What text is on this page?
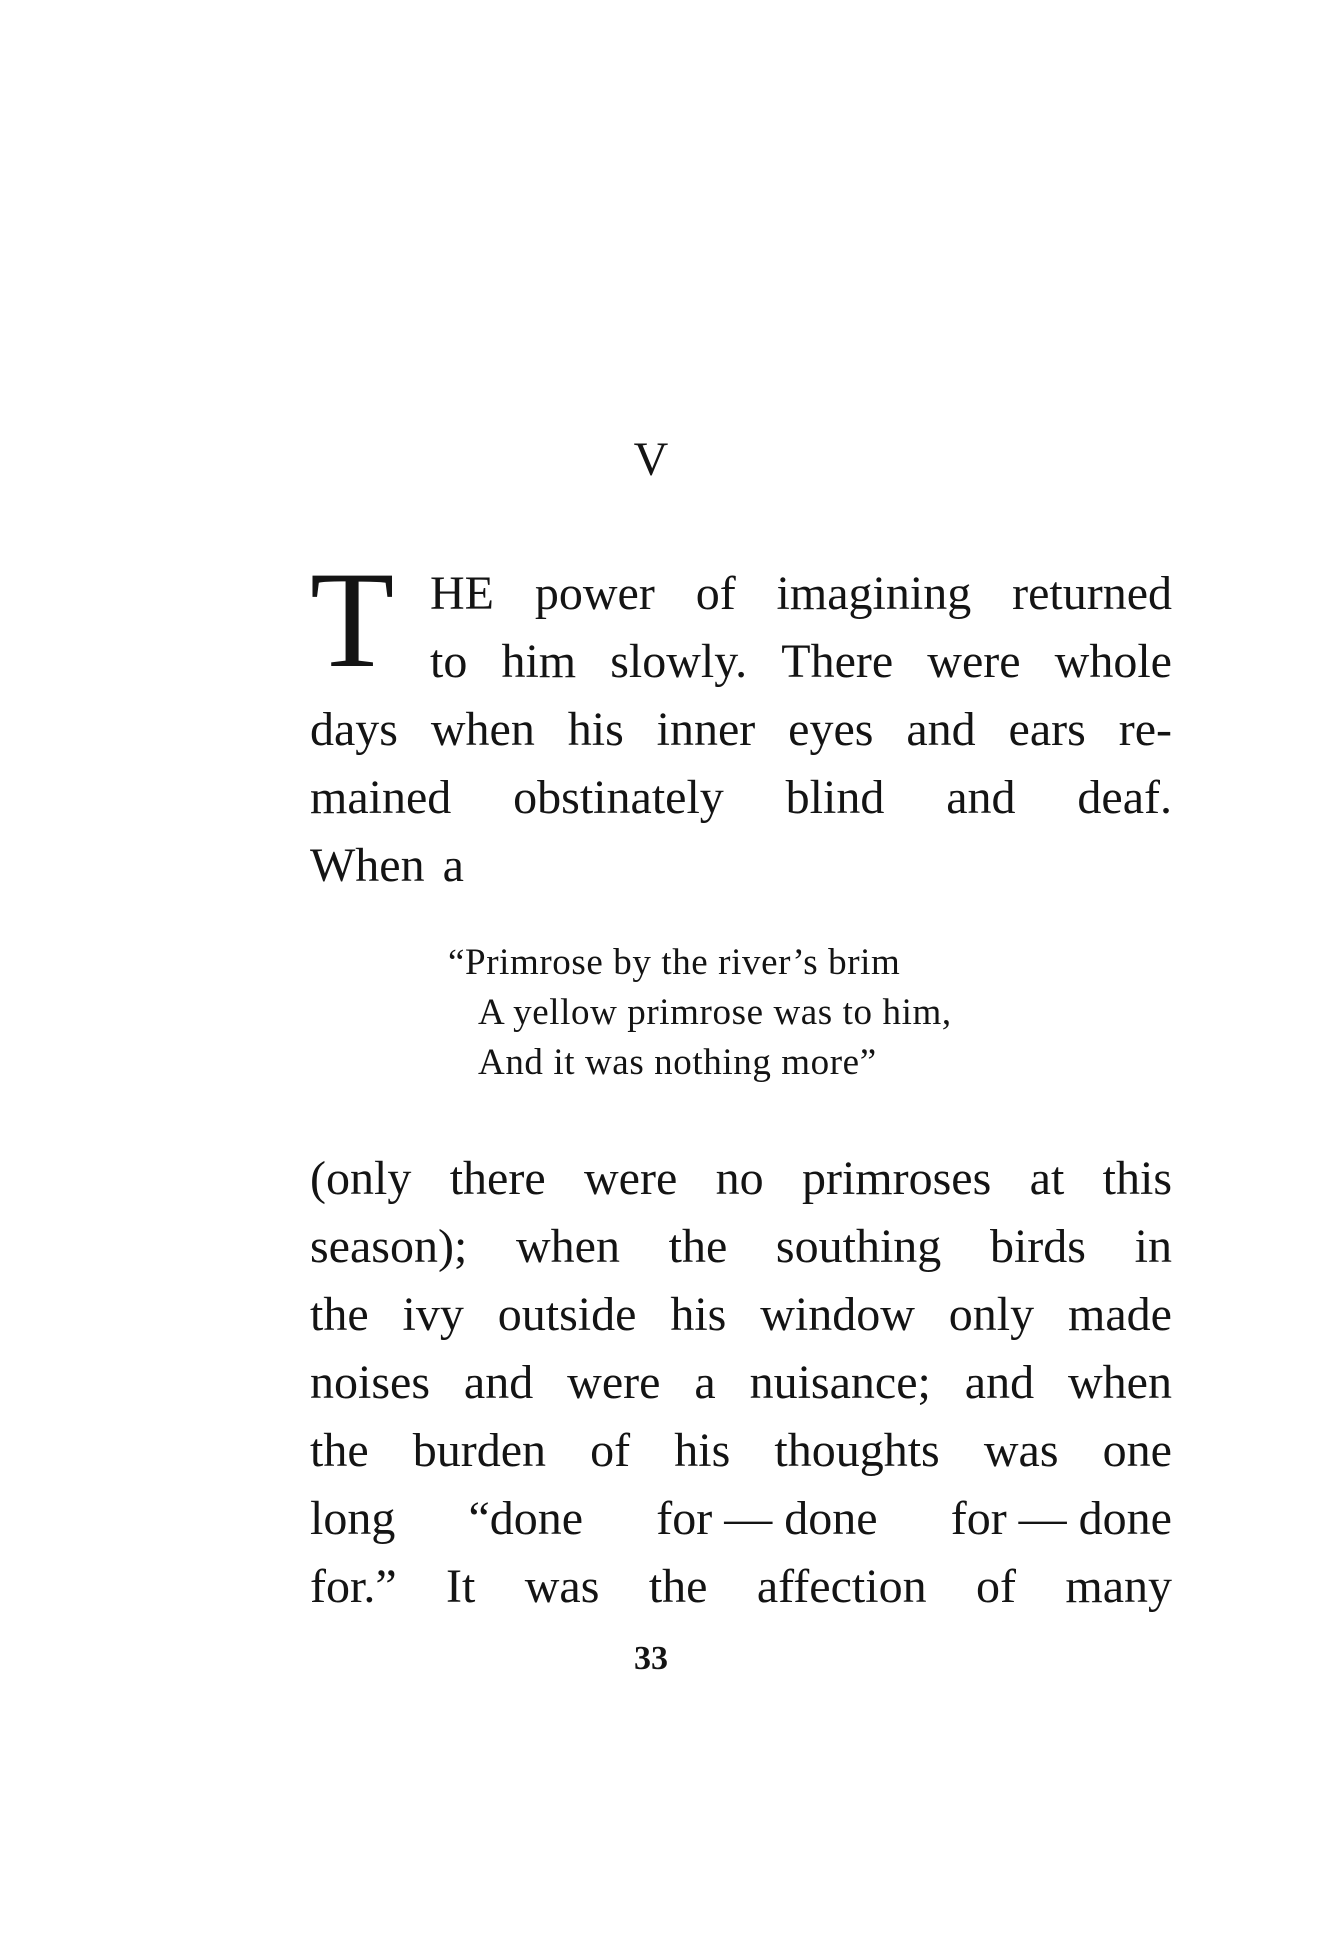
V
T HE power of imagining returned
to him slowly. There were whole
days when his inner eyes and ears re-
mained obstinately blind and deaf.
When a
“Primrose by the river’s brim
A yellow primrose was to him,
And it was nothing more”
(only there were no primroses at this
season); when the southing birds in
the ivy outside his window only made
noises and were a nuisance; and when
the burden of his thoughts was one
long “done for — done for — done
for.” It was the affection of many
33
